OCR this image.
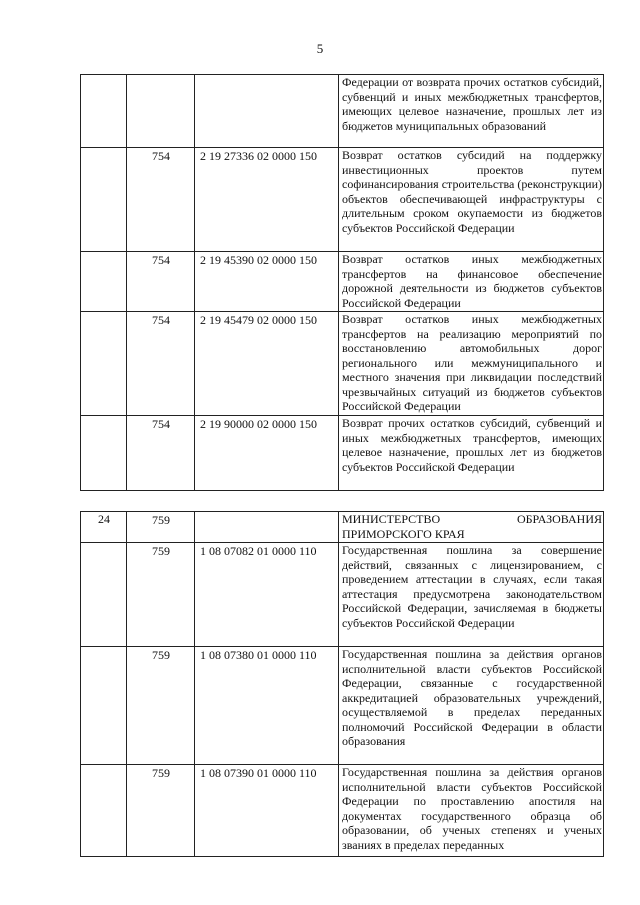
5
			Федерации от возврата прочих остатков субсидий, субвенций и иных межбюджетных трансфертов, имеющих целевое назначение, прошлых лет из бюджетов муниципальных образований
	754	2 19 27336 02 0000 150	Возврат остатков субсидий на поддержку инвестиционных проектов путем софинансирования строительства (реконструкции) объектов обеспечивающей инфраструктуры с длительным сроком окупаемости из бюджетов субъектов Российской Федерации
	754	2 19 45390 02 0000 150	Возврат остатков иных межбюджетных трансфертов на финансовое обеспечение дорожной деятельности из бюджетов субъектов Российской Федерации
	754	2 19 45479 02 0000 150	Возврат остатков иных межбюджетных трансфертов на реализацию мероприятий по восстановлению автомобильных дорог регионального или межмуниципального и местного значения при ликвидации последствий чрезвычайных ситуаций из бюджетов субъектов Российской Федерации
	754	2 19 90000 02 0000 150	Возврат прочих остатков субсидий, субвенций и иных межбюджетных трансфертов, имеющих целевое назначение, прошлых лет из бюджетов субъектов Российской Федерации
24	759		МИНИСТЕРСТВО ОБРАЗОВАНИЯ ПРИМОРСКОГО КРАЯ
	759	1 08 07082 01 0000 110	Государственная пошлина за совершение действий, связанных с лицензированием, с проведением аттестации в случаях, если такая аттестация предусмотрена законодательством Российской Федерации, зачисляемая в бюджеты субъектов Российской Федерации
	759	1 08 07380 01 0000 110	Государственная пошлина за действия органов исполнительной власти субъектов Российской Федерации, связанные с государственной аккредитацией образовательных учреждений, осуществляемой в пределах переданных полномочий Российской Федерации в области образования
	759	1 08 07390 01 0000 110	Государственная пошлина за действия органов исполнительной власти субъектов Российской Федерации по проставлению апостиля на документах государственного образца об образовании, об ученых степенях и ученых званиях в пределах переданных
